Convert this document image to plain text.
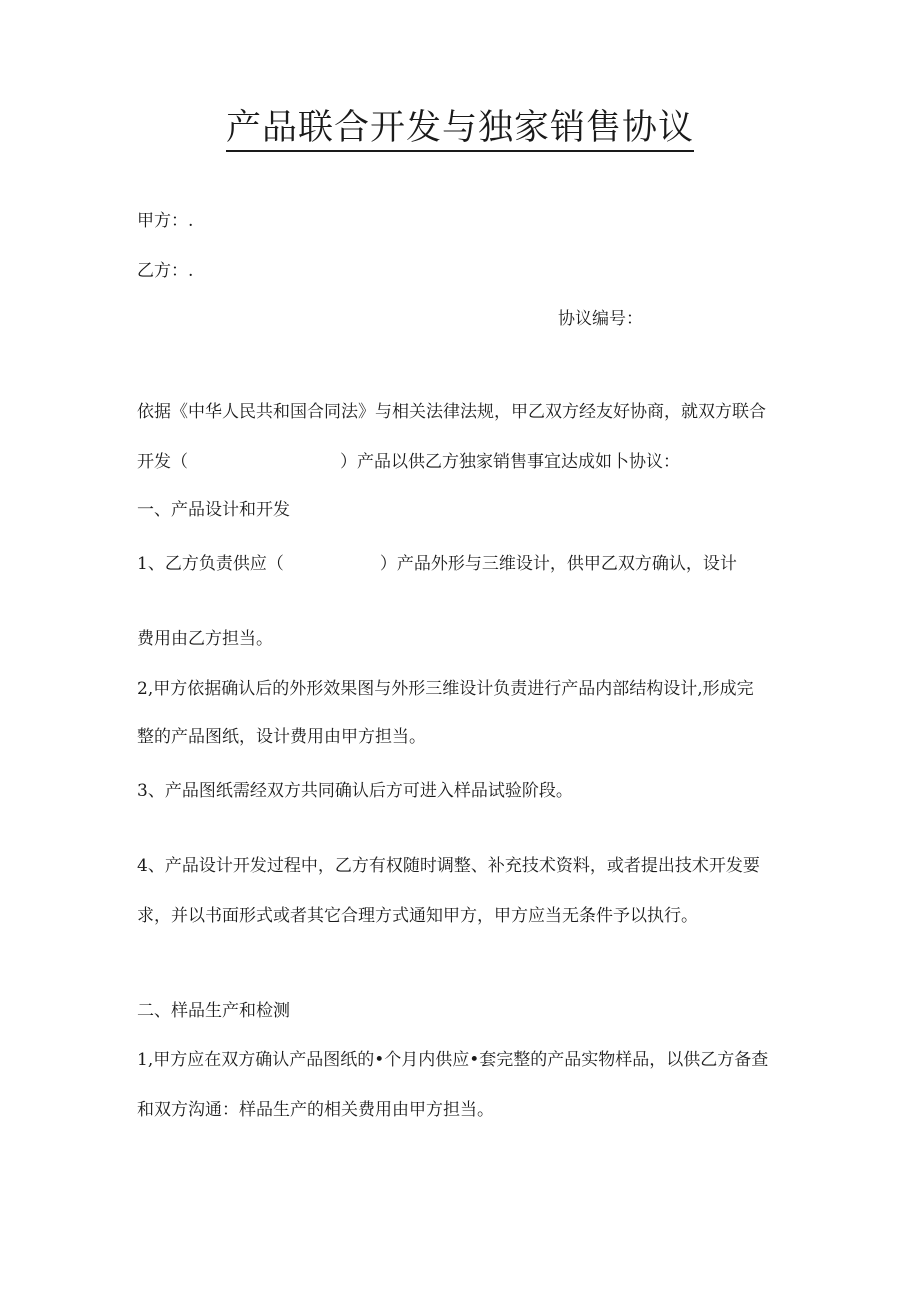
产品联合开发与独家销售协议

甲方：.

乙方：.

协议编号：

依据《中华人民共和国合同法》与相关法律法规，甲乙双方经友好协商，就双方联合

开发（	）产品以供乙方独家销售事宜达成如卜协议：

一、产品设计和开发

1、乙方负责供应（	）产品外形与三维设计，供甲乙双方确认，设计

费用由乙方担当。

2,甲方依据确认后的外形效果图与外形三维设计负责进行产品内部结构设计,形成完

整的产品图纸，设计费用由甲方担当。

3、产品图纸需经双方共同确认后方可进入样品试验阶段。

4、产品设计开发过程中，乙方有权随时调整、补充技术资料，或者提出技术开发要

求，并以书面形式或者其它合理方式通知甲方，甲方应当无条件予以执行。

二、样品生产和检测

1,甲方应在双方确认产品图纸的•个月内供应•套完整的产品实物样品，以供乙方备查

和双方沟通：样品生产的相关费用由甲方担当。
